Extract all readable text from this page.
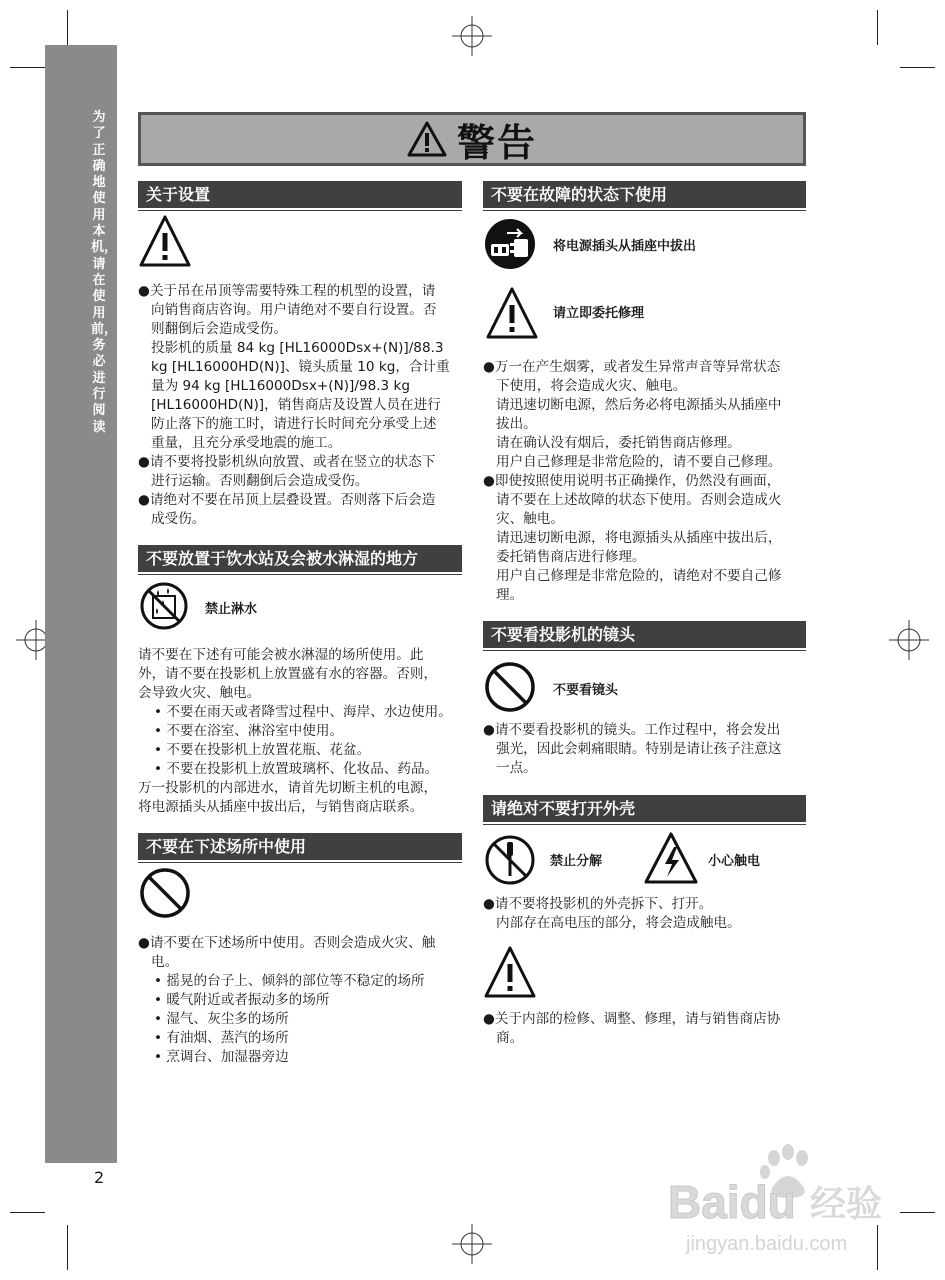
为了正确地使用本机，请在使用前，务必进行阅读
2
警告
关于设置

●关于吊在吊顶等需要特殊工程的机型的设置，请

向销售商店咨询。用户请绝对不要自行设置。否

则翻倒后会造成受伤。

投影机的质量 84 kg [HL16000Dsx+(N)]/88.3

kg [HL16000HD(N)]、镜头质量 10 kg，合计重

量为 94 kg [HL16000Dsx+(N)]/98.3 kg

[HL16000HD(N)]，销售商店及设置人员在进行

防止落下的施工时，请进行长时间充分承受上述

重量，且充分承受地震的施工。

●请不要将投影机纵向放置、或者在竖立的状态下

进行运输。否则翻倒后会造成受伤。

●请绝对不要在吊顶上层叠设置。否则落下后会造

成受伤。

不要放置于饮水站及会被水淋湿的地方
禁止淋水

请不要在下述有可能会被水淋湿的场所使用。此

外，请不要在投影机上放置盛有水的容器。否则，

会导致火灾、触电。

• 不要在雨天或者降雪过程中、海岸、水边使用。

• 不要在浴室、淋浴室中使用。

• 不要在投影机上放置花瓶、花盆。

• 不要在投影机上放置玻璃杯、化妆品、药品。

万一投影机的内部进水，请首先切断主机的电源，

将电源插头从插座中拔出后，与销售商店联系。

不要在下述场所中使用

●请不要在下述场所中使用。否则会造成火灾、触

电。

• 摇晃的台子上、倾斜的部位等不稳定的场所

• 暖气附近或者振动多的场所

• 湿气、灰尘多的场所

• 有油烟、蒸汽的场所

• 烹调台、加湿器旁边

不要在故障的状态下使用
将电源插头从插座中拔出
请立即委托修理

●万一在产生烟雾，或者发生异常声音等异常状态

下使用，将会造成火灾、触电。

请迅速切断电源，然后务必将电源插头从插座中

拔出。

请在确认没有烟后，委托销售商店修理。

用户自己修理是非常危险的，请不要自己修理。

●即使按照使用说明书正确操作，仍然没有画面，

请不要在上述故障的状态下使用。否则会造成火

灾、触电。

请迅速切断电源，将电源插头从插座中拔出后，

委托销售商店进行修理。

用户自己修理是非常危险的，请绝对不要自己修

理。

不要看投影机的镜头
不要看镜头

●请不要看投影机的镜头。工作过程中，将会发出

强光，因此会刺痛眼睛。特别是请让孩子注意这

一点。

请绝对不要打开外壳
禁止分解	小心触电

●请不要将投影机的外壳拆下、打开。

内部存在高电压的部分，将会造成触电。

●关于内部的检修、调整、修理，请与销售商店协

商。

Baidu 经验
jingyan.baidu.com
